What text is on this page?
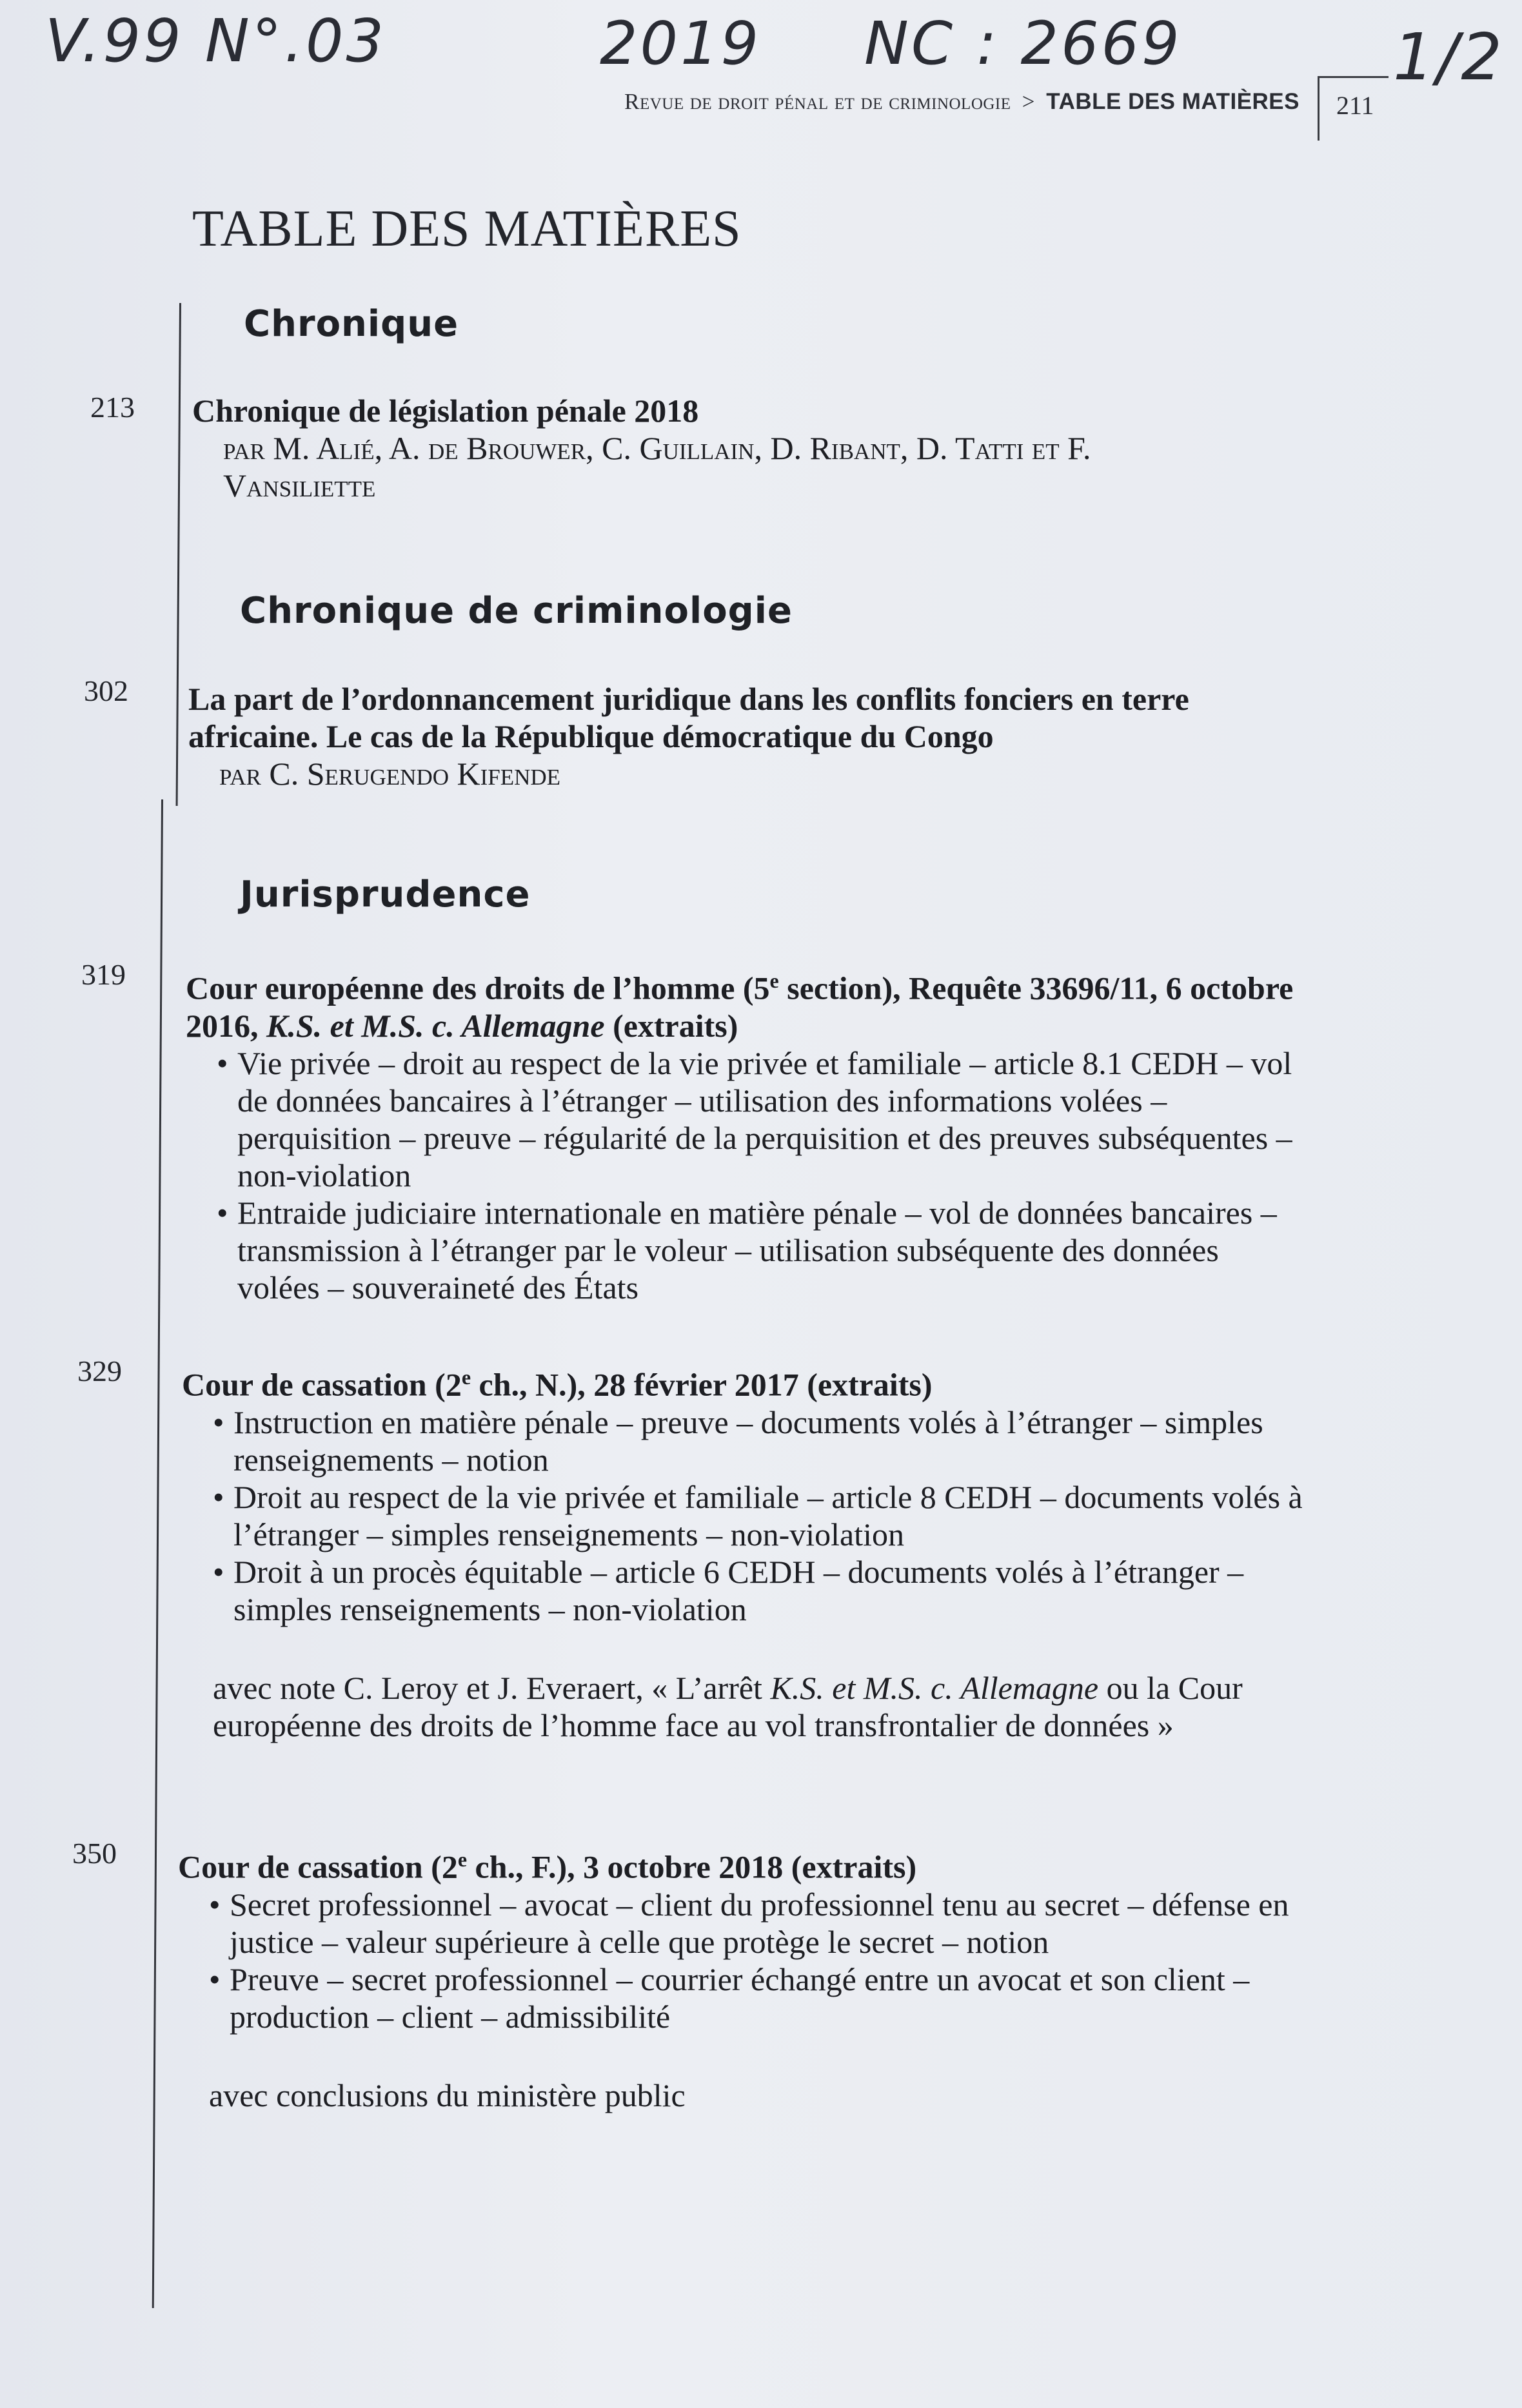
V.99 N°.03	2019 NC : 2669	1/2
Revue de droit pénal et de criminologie > TABLE DES MATIÈRES 211
TABLE DES MATIÈRES
Chronique
213 Chronique de législation pénale 2018
par M. Alié, A. de Brouwer, C. Guillain, D. Ribant, D. Tatti et F. Vansiliette
Chronique de criminologie
302 La part de l’ordonnancement juridique dans les conflits fonciers en terre africaine. Le cas de la République démocratique du Congo
par C. Serugendo Kifende
Jurisprudence
319 Cour européenne des droits de l’homme (5e section), Requête 33696/11, 6 octobre 2016, K.S. et M.S. c. Allemagne (extraits)
• Vie privée – droit au respect de la vie privée et familiale – article 8.1 CEDH – vol de données bancaires à l’étranger – utilisation des informations volées – perquisition – preuve – régularité de la perquisition et des preuves subséquentes – non-violation
• Entraide judiciaire internationale en matière pénale – vol de données bancaires – transmission à l’étranger par le voleur – utilisation subséquente des données volées – souveraineté des États
329 Cour de cassation (2e ch., N.), 28 février 2017 (extraits)
• Instruction en matière pénale – preuve – documents volés à l’étranger – simples renseignements – notion
• Droit au respect de la vie privée et familiale – article 8 CEDH – documents volés à l’étranger – simples renseignements – non-violation
• Droit à un procès équitable – article 6 CEDH – documents volés à l’étranger – simples renseignements – non-violation
avec note C. Leroy et J. Everaert, « L’arrêt K.S. et M.S. c. Allemagne ou la Cour européenne des droits de l’homme face au vol transfrontalier de données »
350 Cour de cassation (2e ch., F.), 3 octobre 2018 (extraits)
• Secret professionnel – avocat – client du professionnel tenu au secret – défense en justice – valeur supérieure à celle que protège le secret – notion
• Preuve – secret professionnel – courrier échangé entre un avocat et son client – production – client – admissibilité
avec conclusions du ministère public
